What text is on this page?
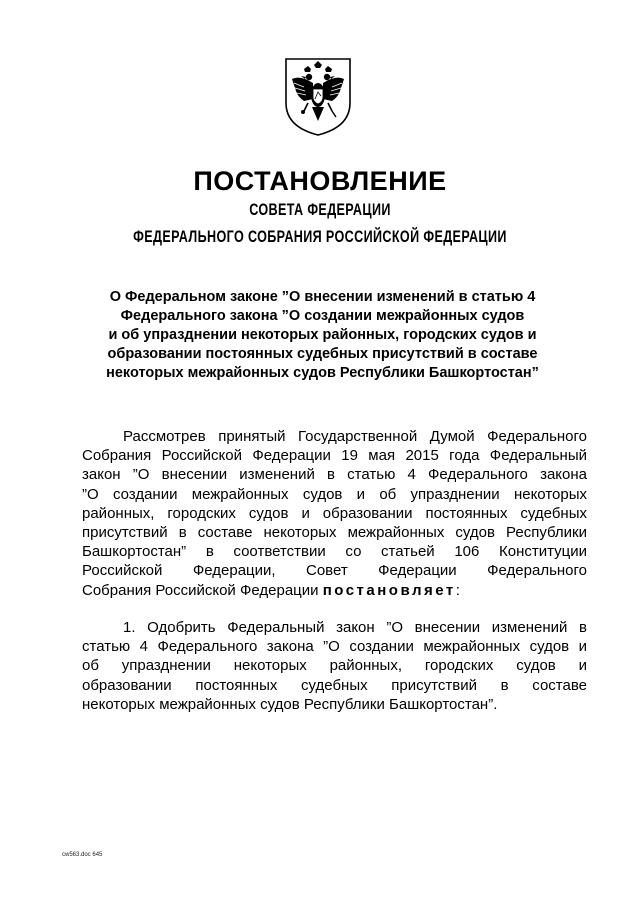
ПОСТАНОВЛЕНИЕ
СОВЕТА ФЕДЕРАЦИИ
ФЕДЕРАЛЬНОГО СОБРАНИЯ РОССИЙСКОЙ ФЕДЕРАЦИИ
О Федеральном законе ”О внесении изменений в статью 4
Федерального закона ”О создании межрайонных судов
и об упразднении некоторых районных, городских судов и
образовании постоянных судебных присутствий в составе
некоторых межрайонных судов Республики Башкортостан”
Рассмотрев принятый Государственной Думой Федерального
Собрания Российской Федерации 19 мая 2015 года Федеральный
закон ”О внесении изменений в статью 4 Федерального закона
”О создании межрайонных судов и об упразднении некоторых
районных, городских судов и образовании постоянных судебных
присутствий в составе некоторых межрайонных судов Республики
Башкортостан” в соответствии со статьей 106 Конституции
Российской Федерации, Совет Федерации Федерального
Собрания Российской Федерации постановляет:
1. Одобрить Федеральный закон ”О внесении изменений в
статью 4 Федерального закона ”О создании межрайонных судов и
об упразднении некоторых районных, городских судов и
образовании постоянных судебных присутствий в составе
некоторых межрайонных судов Республики Башкортостан”.
cw563.doc 645
